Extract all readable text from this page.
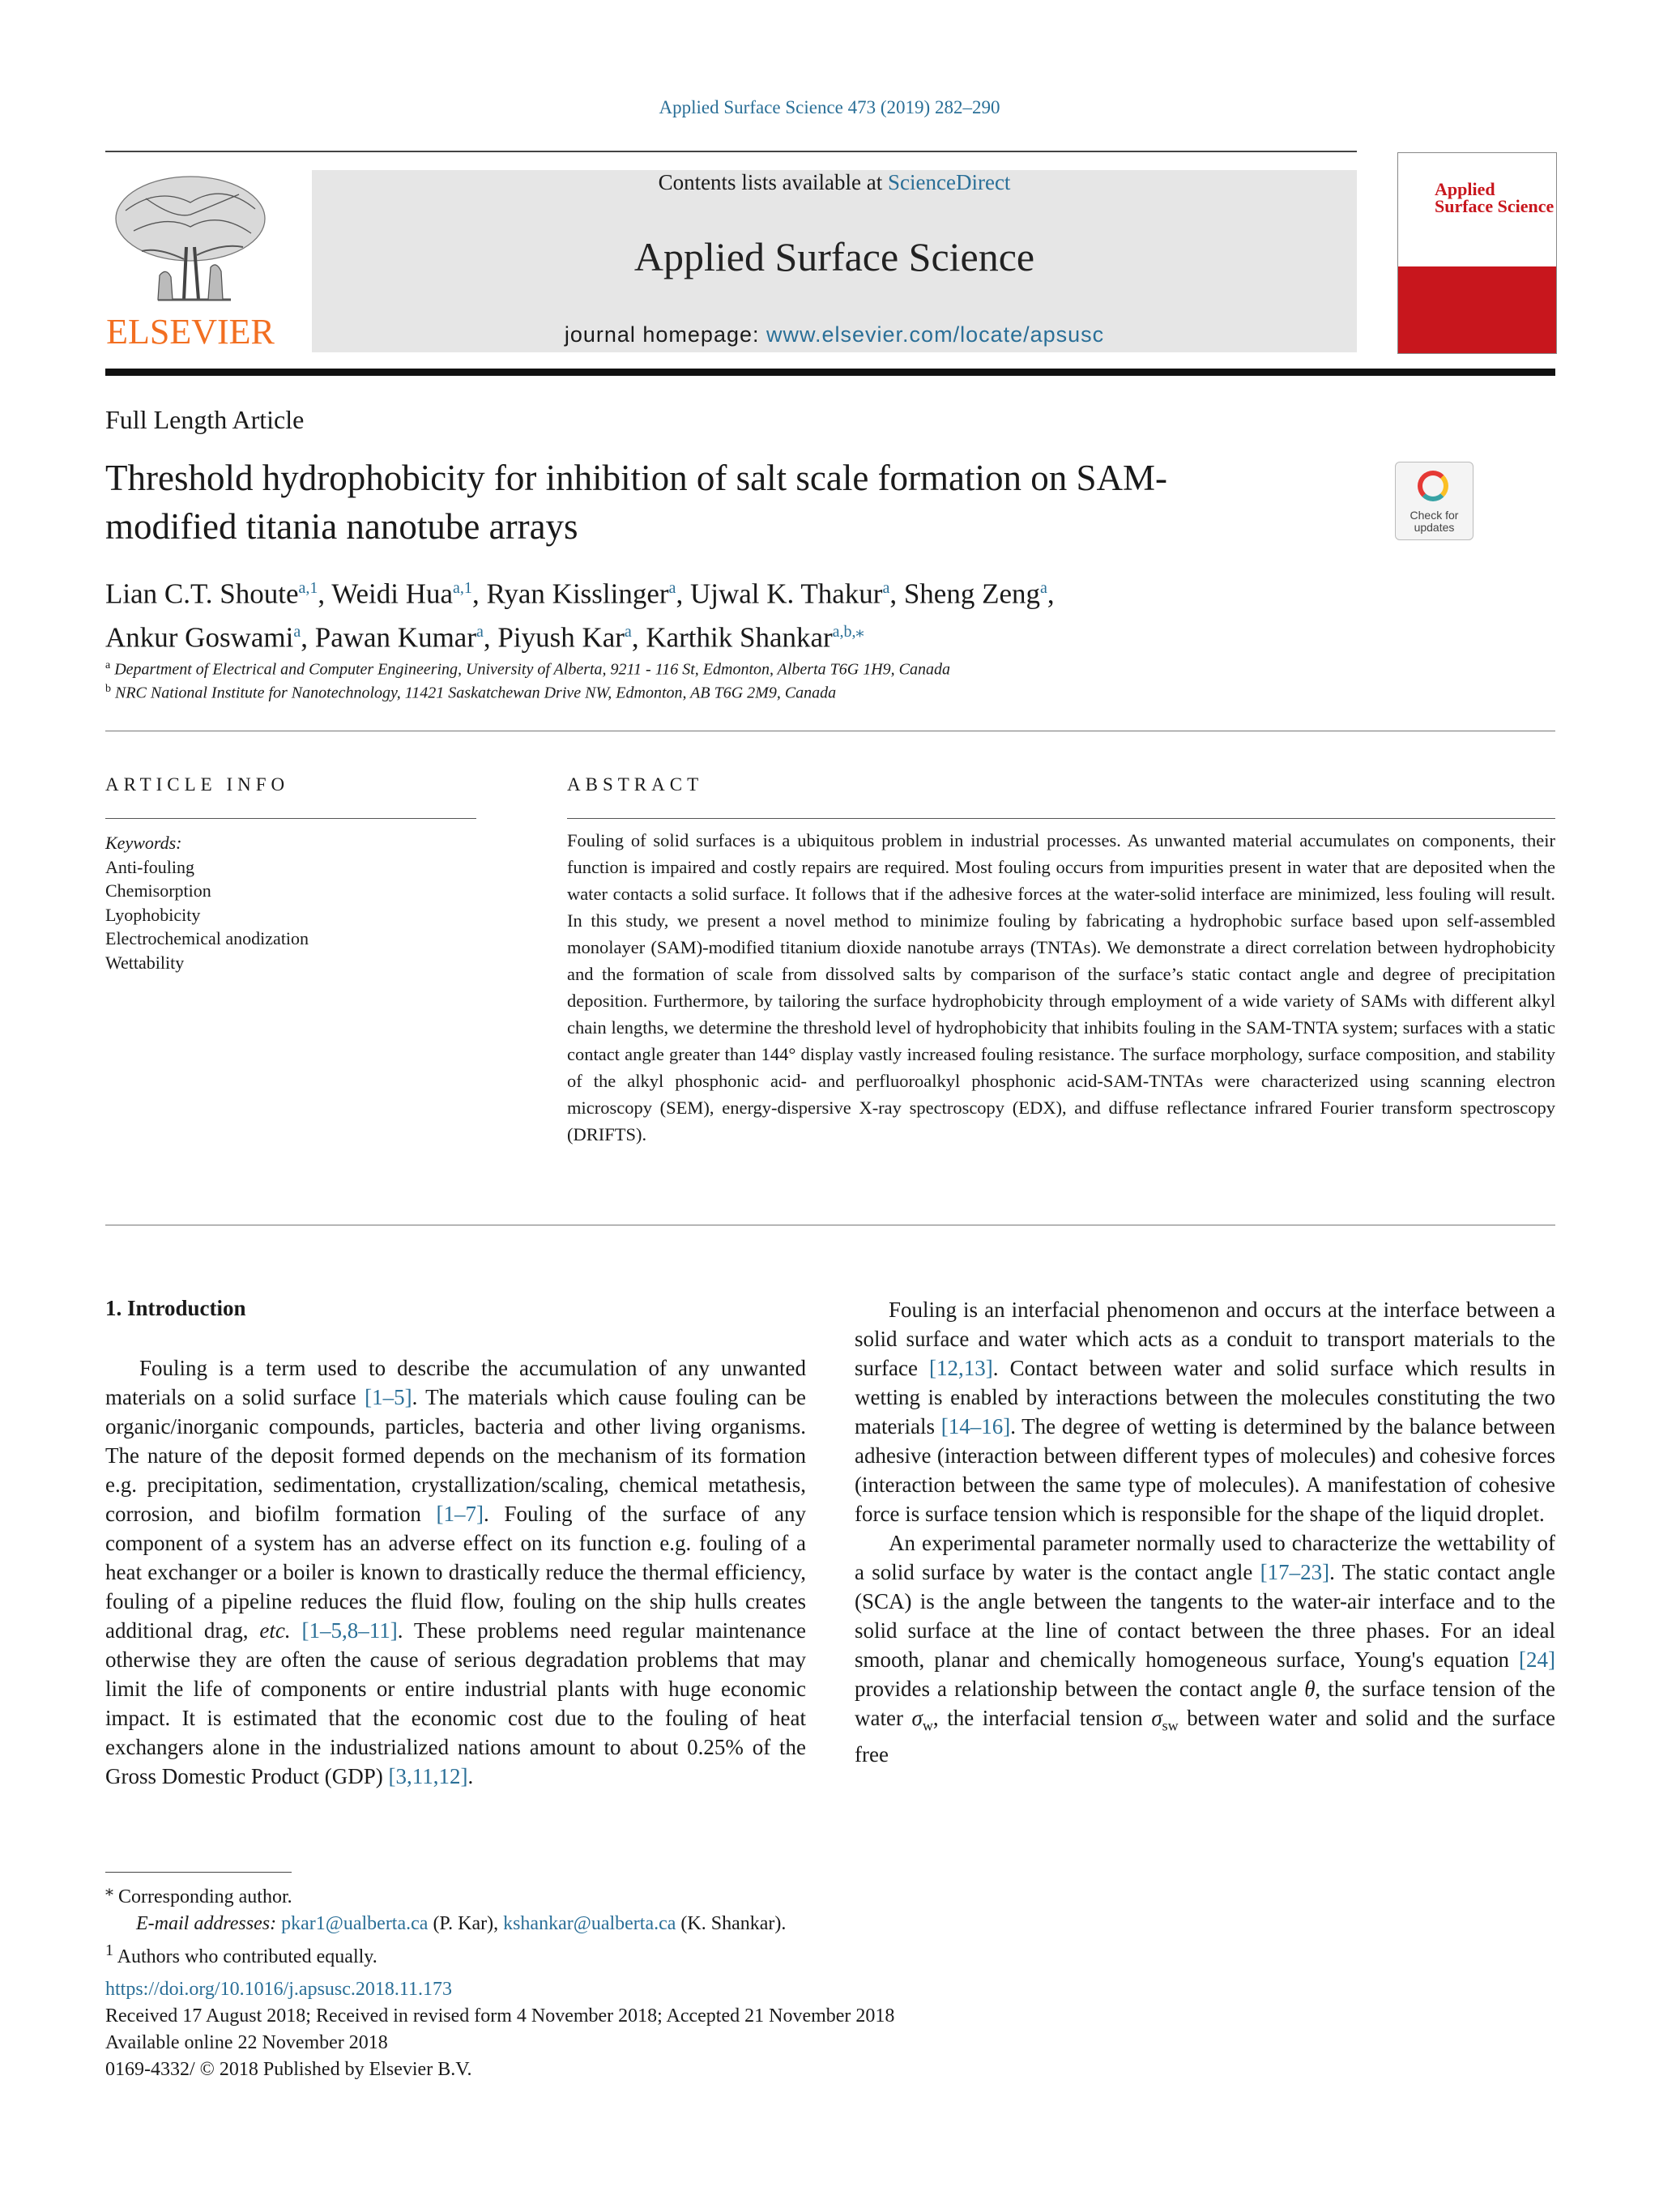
Applied Surface Science 473 (2019) 282–290
ELSEVIER
Contents lists available at ScienceDirect
Applied Surface Science
journal homepage: www.elsevier.com/locate/apsusc
Applied
Surface Science
Full Length Article
Threshold hydrophobicity for inhibition of salt scale formation on SAM-
modified titania nanotube arrays	Check for
updates
Lian C.T. Shoute$^{a,1}$, Weidi Hua$^{a,1}$, Ryan Kisslinger$^a$, Ujwal K. Thakur$^a$, Sheng Zeng$^a$,
Ankur Goswami$^a$, Pawan Kumar$^a$, Piyush Kar$^a$, Karthik Shankar$^{a,b,⁎}$
$^a$ Department of Electrical and Computer Engineering, University of Alberta, 9211 - 116 St, Edmonton, Alberta T6G 1H9, Canada
$^b$ NRC National Institute for Nanotechnology, 11421 Saskatchewan Drive NW, Edmonton, AB T6G 2M9, Canada
ARTICLE INFO
Keywords:
Anti-fouling
Chemisorption
Lyophobicity
Electrochemical anodization
Wettability
ABSTRACT
Fouling of solid surfaces is a ubiquitous problem in industrial processes. As unwanted material accumulates on components, their function is impaired and costly repairs are required. Most fouling occurs from impurities present in water that are deposited when the water contacts a solid surface. It follows that if the adhesive forces at the water-solid interface are minimized, less fouling will result. In this study, we present a novel method to minimize fouling by fabricating a hydrophobic surface based upon self-assembled monolayer (SAM)-modified titanium dioxide nanotube arrays (TNTAs). We demonstrate a direct correlation between hydrophobicity and the formation of scale from dissolved salts by comparison of the surface’s static contact angle and degree of precipitation deposition. Furthermore, by tailoring the surface hydrophobicity through employment of a wide variety of SAMs with different alkyl chain lengths, we determine the threshold level of hydrophobicity that inhibits fouling in the SAM-TNTA system; surfaces with a static contact angle greater than 144° display vastly increased fouling resistance. The surface morphology, surface composition, and stability of the alkyl phosphonic acid- and perfluoroalkyl phosphonic acid-SAM-TNTAs were characterized using scanning electron microscopy (SEM), energy-dispersive X-ray spectroscopy (EDX), and diffuse reflectance infrared Fourier transform spectroscopy (DRIFTS).
1. Introduction

Fouling is a term used to describe the accumulation of any unwanted materials on a solid surface [1–5]. The materials which cause fouling can be organic/inorganic compounds, particles, bacteria and other living organisms. The nature of the deposit formed depends on the mechanism of its formation e.g. precipitation, sedimentation, crystallization/scaling, chemical metathesis, corrosion, and biofilm formation [1–7]. Fouling of the surface of any component of a system has an adverse effect on its function e.g. fouling of a heat exchanger or a boiler is known to drastically reduce the thermal efficiency, fouling of a pipeline reduces the fluid flow, fouling on the ship hulls creates additional drag, etc. [1–5,8–11]. These problems need regular maintenance otherwise they are often the cause of serious degradation problems that may limit the life of components or entire industrial plants with huge economic impact. It is estimated that the economic cost due to the fouling of heat exchangers alone in the industrialized nations amount to about 0.25% of the Gross Domestic Product (GDP) [3,11,12].

Fouling is an interfacial phenomenon and occurs at the interface between a solid surface and water which acts as a conduit to transport materials to the surface [12,13]. Contact between water and solid surface which results in wetting is enabled by interactions between the molecules constituting the two materials [14–16]. The degree of wetting is determined by the balance between adhesive (interaction between different types of molecules) and cohesive forces (interaction between the same type of molecules). A manifestation of cohesive force is surface tension which is responsible for the shape of the liquid droplet.

An experimental parameter normally used to characterize the wettability of a solid surface by water is the contact angle [17–23]. The static contact angle (SCA) is the angle between the tangents to the water-air interface and to the solid surface at the line of contact between the three phases. For an ideal smooth, planar and chemically homogeneous surface, Young's equation [24] provides a relationship between the contact angle θ, the surface tension of the water $\sigma_w$, the interfacial tension $\sigma_{sw}$ between water and solid and the surface free

⁎ Corresponding author.
E-mail addresses: pkar1@ualberta.ca (P. Kar), kshankar@ualberta.ca (K. Shankar).
$^1$ Authors who contributed equally.
https://doi.org/10.1016/j.apsusc.2018.11.173
Received 17 August 2018; Received in revised form 4 November 2018; Accepted 21 November 2018
Available online 22 November 2018
0169-4332/ © 2018 Published by Elsevier B.V.
